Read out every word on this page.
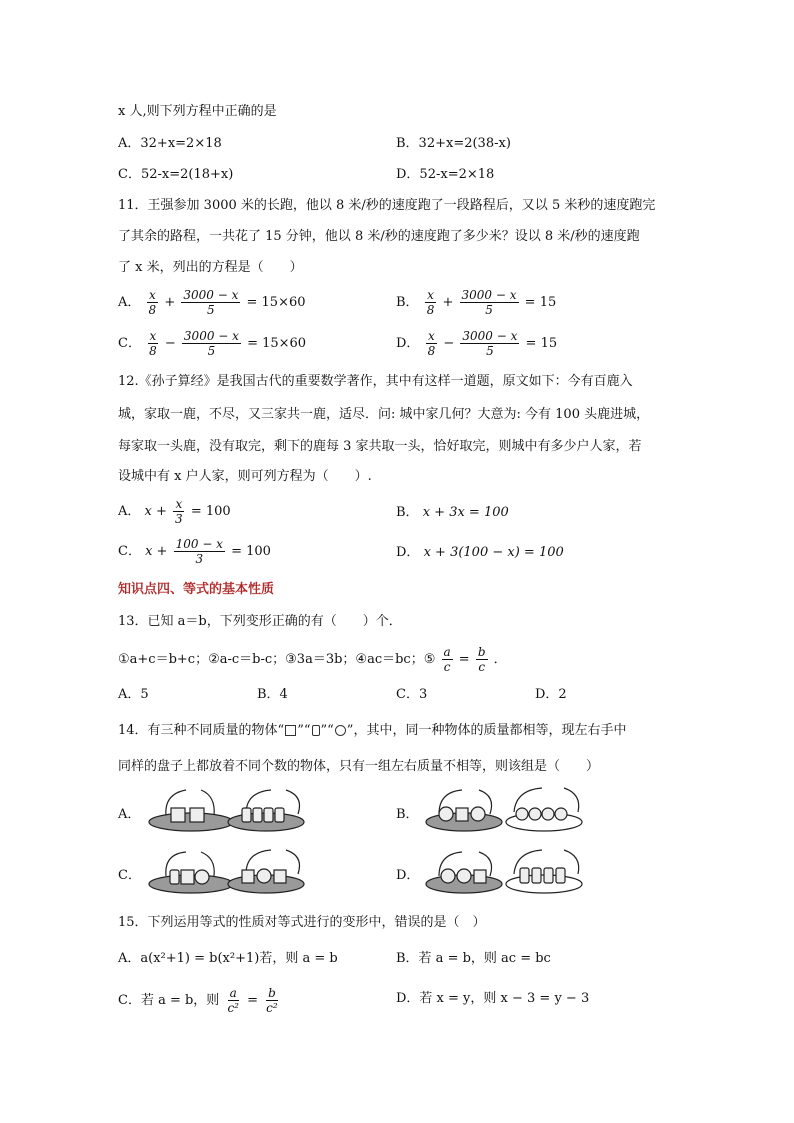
x 人,则下列方程中正确的是
A．32+x=2×18	B．32+x=2(38-x)
C．52-x=2(18+x)	D．52-x=2×18
11．王强参加 3000 米的长跑，他以 8 米/秒的速度跑了一段路程后，又以 5 米秒的速度跑完
了其余的路程，一共花了 15 分钟，他以 8 米/秒的速度跑了多少米？设以 8 米/秒的速度跑
了 x 米，列出的方程是（　　）
A． $\frac{x}{8} + \frac{3000 - x}{5} = 15\times 60$	B． $\frac{x}{8} + \frac{3000 - x}{5} = 15$
C． $\frac{x}{8} - \frac{3000 - x}{5} = 15\times 60$	D． $\frac{x}{8} - \frac{3000 - x}{5} = 15$
12.《孙子算经》是我国古代的重要数学著作，其中有这样一道题，原文如下：今有百鹿入
城，家取一鹿，不尽，又三家共一鹿，适尽．问: 城中家几何？大意为: 今有 100 头鹿进城，
每家取一头鹿，没有取完，剩下的鹿每 3 家共取一头，恰好取完，则城中有多少户人家，若
设城中有 x 户人家，则可列方程为（　　）.
A． $x + \frac{x}{3} = 100$	B． x + 3x = 100
C． $x + \frac{100 - x}{3} = 100$	D． x + 3(100 − x) = 100
知识点四、等式的基本性质
13．已知 a＝b，下列变形正确的有（　　）个．
①a+c＝b+c；②a-c＝b-c；③3a＝3b；④ac＝bc；⑤ $\frac{a}{c} = \frac{b}{c}$ ．
A．5	B．4	C．3	D．2
14．有三种不同质量的物体“ ”“ ”“ ”，其中，同一种物体的质量都相等，现左右手中
同样的盘子上都放着不同个数的物体，只有一组左右质量不相等，则该组是（　　）
A．	B．
C．	D．
15．下列运用等式的性质对等式进行的变形中，错误的是（　）
A．a(x²+1) = b(x²+1)若，则 a = b	B．若 a = b，则 ac = bc
C．若 a = b，则 $\frac{a}{\text{c²}} = \frac{b}{\text{c²}}$	D．若 x = y，则 x − 3 = y − 3
